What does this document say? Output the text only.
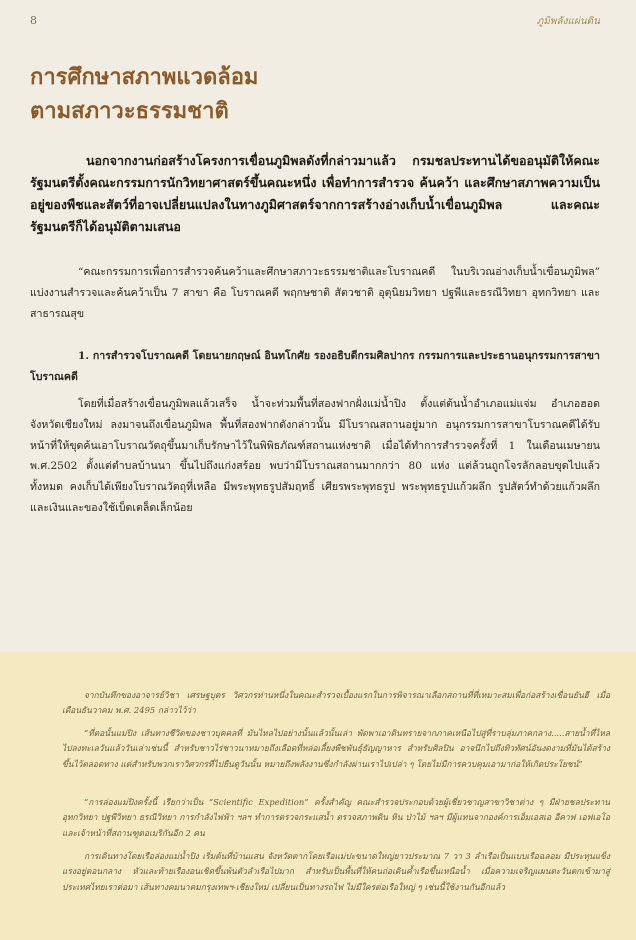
8	ภูมิพลังแผ่นดิน
การศึกษาสภาพแวดล้อม
ตามสภาวะธรรมชาติ

นอกจากงานก่อสร้างโครงการเขื่อนภูมิพลดังที่กล่าวมาแล้ว กรมชลประทานได้ขออนุมัติให้คณะรัฐมนตรีตั้งคณะกรรมการนักวิทยาศาสตร์ขึ้นคณะหนึ่ง เพื่อทำการสำรวจ ค้นคว้า และศึกษาสภาพความเป็นอยู่ของพืชและสัตว์ที่อาจเปลี่ยนแปลงในทางภูมิศาสตร์จากการสร้างอ่างเก็บน้ำเขื่อนภูมิพล และคณะรัฐมนตรีก็ได้อนุมัติตามเสนอ

“คณะกรรมการเพื่อการสำรวจค้นคว้าและศึกษาสภาวะธรรมชาติและโบราณคดี ในบริเวณอ่างเก็บน้ำเขื่อนภูมิพล” แบ่งงานสำรวจและค้นคว้าเป็น 7 สาขา คือ โบราณคดี พฤกษชาติ สัตวชาติ อุตุนิยมวิทยา ปฐพีและธรณีวิทยา อุทกวิทยา และสาธารณสุข

1. การสำรวจโบราณคดี โดยนายกฤษณ์ อินทโกศัย รองอธิบดีกรมศิลปากร กรรมการและประธานอนุกรรมการสาขาโบราณคดี

โดยที่เมื่อสร้างเขื่อนภูมิพลแล้วเสร็จ น้ำจะท่วมพื้นที่สองฟากฝั่งแม่น้ำปิง ตั้งแต่ต้นน้ำอำเภอแม่แจ่ม อำเภอฮอด จังหวัดเชียงใหม่ ลงมาจนถึงเขื่อนภูมิพล พื้นที่สองฟากดังกล่าวนั้น มีโบราณสถานอยู่มาก อนุกรรมการสาขาโบราณคดีได้รับหน้าที่ให้ขุดค้นเอาโบราณวัตถุขึ้นมาเก็บรักษาไว้ในพิพิธภัณฑ์สถานแห่งชาติ เมื่อได้ทำการสำรวจครั้งที่ 1 ในเดือนเมษายน พ.ศ.2502 ตั้งแต่ตำบลบ้านนา ขึ้นไปถึงแก่งสร้อย พบว่ามีโบราณสถานมากกว่า 80 แห่ง แต่ล้วนถูกโจรลักลอบขุดไปแล้วทั้งหมด คงเก็บได้เพียงโบราณวัตถุที่เหลือ มีพระพุทธรูปสัมฤทธิ์ เศียรพระพุทธรูป พระพุทธรูปแก้วผลึก รูปสัตว์ทำด้วยแก้วผลึกและเงินและของใช้เบ็ดเตล็ดเล็กน้อย

จากบันทึกของอาจารย์วิชา เศรษฐบุตร วิศวกรท่านหนึ่งในคณะสำรวจเบื้องแรกในการพิจารณาเลือกสถานที่ที่เหมาะสมเพื่อก่อสร้างเขื่อนยันฮี เมื่อเดือนธันวาคม พ.ศ. 2495 กล่าวไว้ว่า

“ที่ตอนั้นแม่ปิง เส้นทางชีวิตของชาวบุคคลที่ มันไหลไปอย่างนั้นแล้วนั้นเล่า พัดพาเอาดินทรายจากภาคเหนือไปสู่ที่ราบลุ่มภาคกลาง.....สายน้ำที่ไหลไปลงทะเลวันแล้ววันเล่าเช่นนี้ สำหรับชาวไร่ชาวนาหมายถึงเลือดที่หล่อเลี้ยงพืชพันธุ์ธัญญาหาร สำหรับศิลปิน อาจนึกไปถึงทิวทัศน์อันงดงามที่มันได้สร้างขึ้นไว้ตลอดทาง แต่สำหรับพวกเราวิศวกรที่ไปยืนดูวันนั้น หมายถึงพลังงานซึ่งกำลังผ่านเราไปเปล่า ๆ โดยไม่มีการควบคุมเอามาก่อให้เกิดประโยชน์”

“การล่องแม่ปิงครั้งนี้ เรียกว่าเป็น “Scientific Expedition” ครั้งสำคัญ คณะสำรวจประกอบด้วยผู้เชี่ยวชาญสาขาวิชาต่าง ๆ มีฝ่ายชลประทาน อุทกวิทยา ปฐพีวิทยา ธรณีวิทยา การกำลังไฟฟ้า ฯลฯ ทำการตรวจกระแสน้ำ ตรวจสภาพดิน หิน ป่าไม้ ฯลฯ มีผู้แทนจากองค์การเอ็มเอสเอ อีคาฟ เอฟเอโอ และเจ้าหน้าที่สถานฑูตอเมริกันอีก 2 คน

การเดินทางโดยเรือล่องแม่น้ำปิง เริ่มต้นที่บ้านแสน จังหวัดตากโดยเรือแม่ปะขนาดใหญ่ยาวประมาณ 7 วา 3 ลำเรือเป็นแบบเรือฉลอม มีประทุนแข็งแรงอยู่ตอนกลาง หัวและท้ายเรืองอนเชิดขึ้นพ้นตัวลำเรือไปมาก สำหรับเป็นพื้นที่ให้คนถ่อเดินค้ำเรือขึ้นเหนือน้ำ เมื่อความเจริญแผนตะวันตกเข้ามาสู่ประเทศไทยเราต่อมา เส้นทางคมนาคมกรุงเทพฯ-เชียงใหม่ เปลี่ยนเป็นทางรถไฟ ไม่มีใครต่อเรือใหญ่ ๆ เช่นนี้ใช้งานกันอีกแล้ว
